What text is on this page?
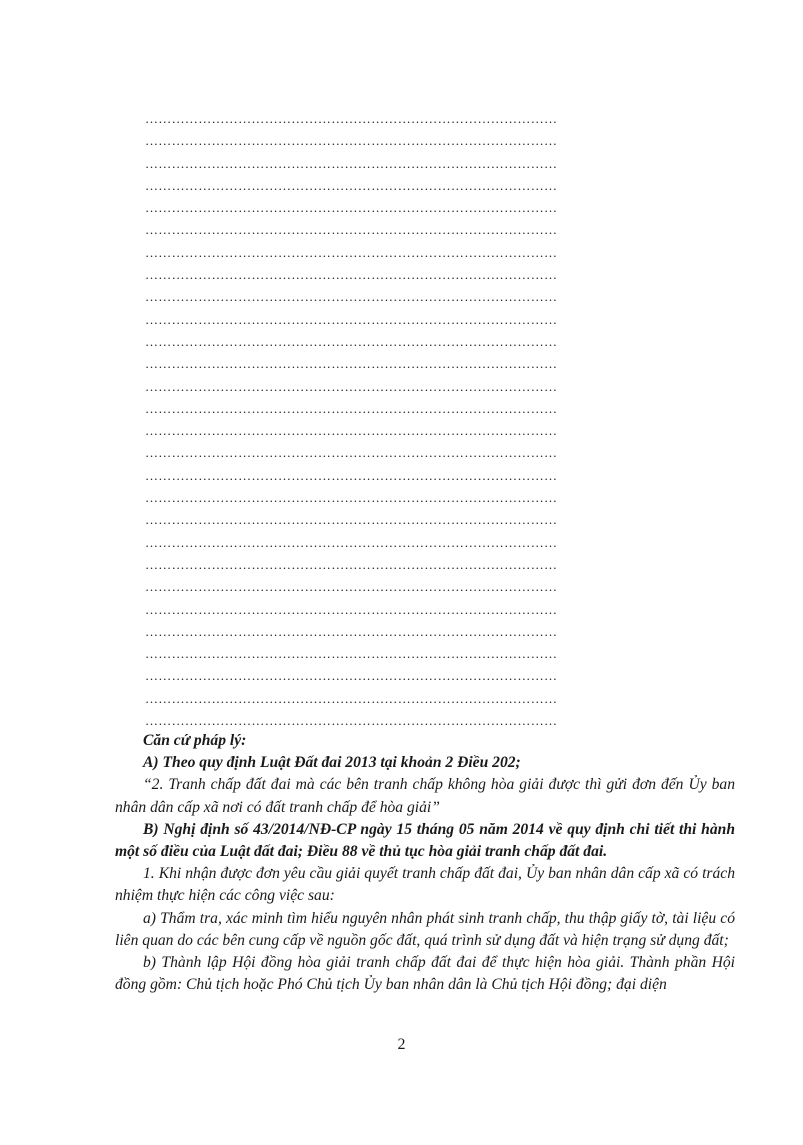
…………………………………………………………………………………
…………………………………………………………………………………
…………………………………………………………………………………
…………………………………………………………………………………
…………………………………………………………………………………
…………………………………………………………………………………
…………………………………………………………………………………
…………………………………………………………………………………
…………………………………………………………………………………
…………………………………………………………………………………
…………………………………………………………………………………
…………………………………………………………………………………
…………………………………………………………………………………
…………………………………………………………………………………
…………………………………………………………………………………
…………………………………………………………………………………
…………………………………………………………………………………
…………………………………………………………………………………
…………………………………………………………………………………
…………………………………………………………………………………
…………………………………………………………………………………
…………………………………………………………………………………
…………………………………………………………………………………
…………………………………………………………………………………
…………………………………………………………………………………
…………………………………………………………………………………
…………………………………………………………………………………
…………………………………………………………………………………

Căn cứ pháp lý:

A) Theo quy định Luật Đất đai 2013 tại khoản 2 Điều 202;

“2. Tranh chấp đất đai mà các bên tranh chấp không hòa giải được thì gửi đơn đến Ủy ban nhân dân cấp xã nơi có đất tranh chấp để hòa giải”

B) Nghị định số 43/2014/NĐ-CP ngày 15 tháng 05 năm 2014 về quy định chi tiết thi hành một số điều của Luật đất đai; Điều 88 về thủ tục hòa giải tranh chấp đất đai.

1. Khi nhận được đơn yêu cầu giải quyết tranh chấp đất đai, Ủy ban nhân dân cấp xã có trách nhiệm thực hiện các công việc sau:

a) Thẩm tra, xác minh tìm hiểu nguyên nhân phát sinh tranh chấp, thu thập giấy tờ, tài liệu có liên quan do các bên cung cấp về nguồn gốc đất, quá trình sử dụng đất và hiện trạng sử dụng đất;

b) Thành lập Hội đồng hòa giải tranh chấp đất đai để thực hiện hòa giải. Thành phần Hội đồng gồm: Chủ tịch hoặc Phó Chủ tịch Ủy ban nhân dân là Chủ tịch Hội đồng; đại diện

2
